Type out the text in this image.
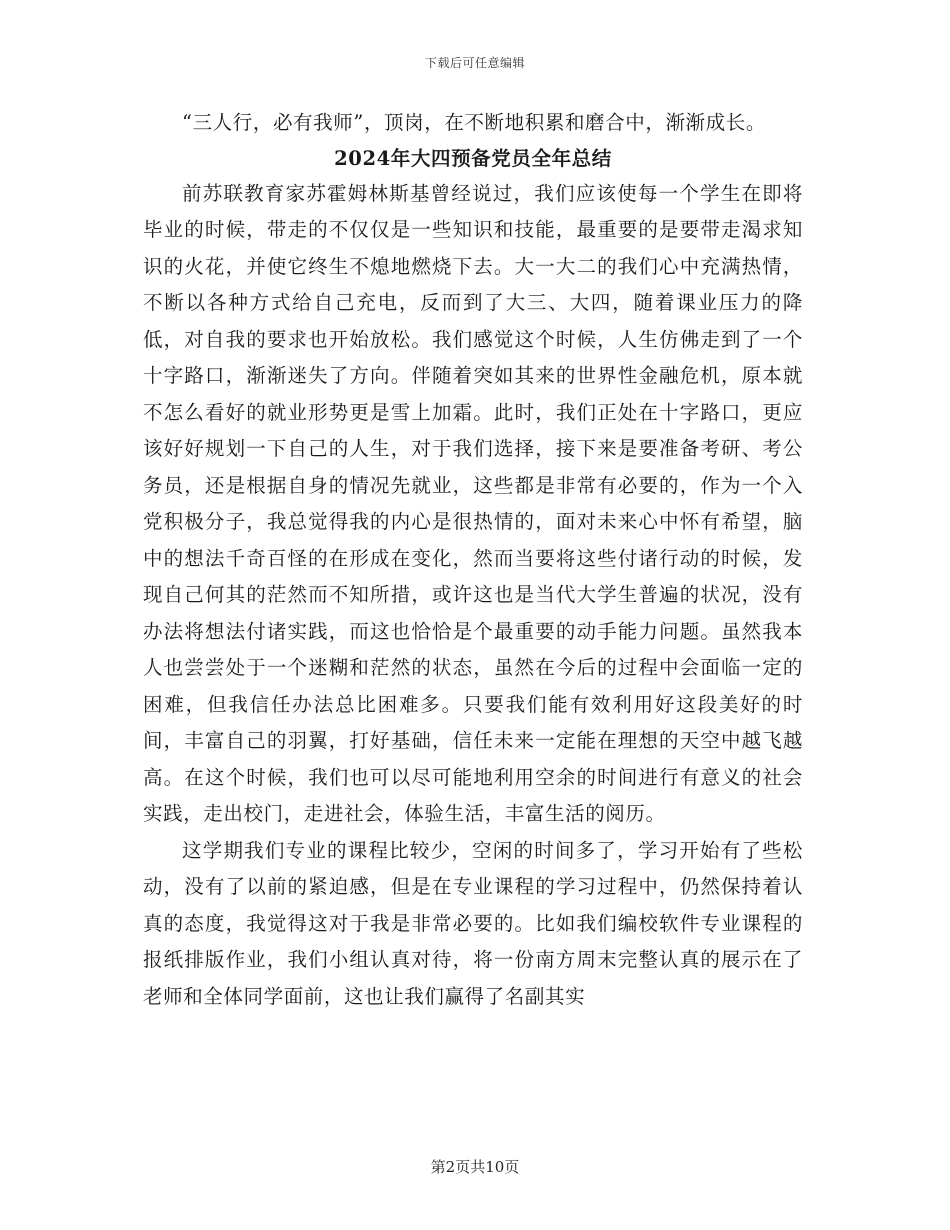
下载后可任意编辑

“三人行，必有我师”，顶岗，在不断地积累和磨合中，渐渐成长。

2024年大四预备党员全年总结

前苏联教育家苏霍姆林斯基曾经说过，我们应该使每一个学生在即将毕业的时候，带走的不仅仅是一些知识和技能，最重要的是要带走渴求知识的火花，并使它终生不熄地燃烧下去。大一大二的我们心中充满热情，不断以各种方式给自己充电，反而到了大三、大四，随着课业压力的降低，对自我的要求也开始放松。我们感觉这个时候，人生仿佛走到了一个十字路口，渐渐迷失了方向。伴随着突如其来的世界性金融危机，原本就不怎么看好的就业形势更是雪上加霜。此时，我们正处在十字路口，更应该好好规划一下自己的人生，对于我们选择，接下来是要准备考研、考公务员，还是根据自身的情况先就业，这些都是非常有必要的，作为一个入党积极分子，我总觉得我的内心是很热情的，面对未来心中怀有希望，脑中的想法千奇百怪的在形成在变化，然而当要将这些付诸行动的时候，发现自己何其的茫然而不知所措，或许这也是当代大学生普遍的状况，没有办法将想法付诸实践，而这也恰恰是个最重要的动手能力问题。虽然我本人也尝尝处于一个迷糊和茫然的状态，虽然在今后的过程中会面临一定的困难，但我信任办法总比困难多。只要我们能有效利用好这段美好的时间，丰富自己的羽翼，打好基础，信任未来一定能在理想的天空中越飞越高。在这个时候，我们也可以尽可能地利用空余的时间进行有意义的社会实践，走出校门，走进社会，体验生活，丰富生活的阅历。

这学期我们专业的课程比较少，空闲的时间多了，学习开始有了些松动，没有了以前的紧迫感，但是在专业课程的学习过程中，仍然保持着认真的态度，我觉得这对于我是非常必要的。比如我们编校软件专业课程的报纸排版作业，我们小组认真对待，将一份南方周末完整认真的展示在了老师和全体同学面前，这也让我们赢得了名副其实

第2页共10页
